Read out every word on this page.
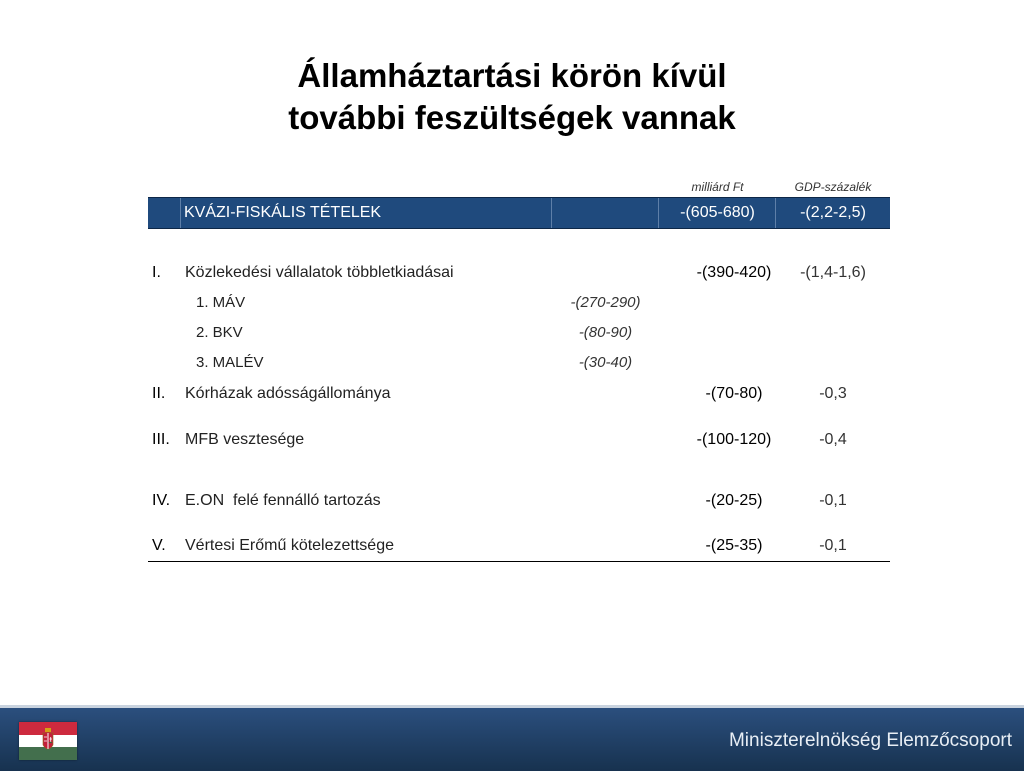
Államháztartási körön kívül
további feszültségek vannak
milliárd Ft	GDP-százalék
KVÁZI-FISKÁLIS TÉTELEK	-(605-680)	-(2,2-2,5)
I. Közlekedési vállalatok többletkiadásai	-(390-420)	-(1,4-1,6)
1. MÁV	-(270-290)
2. BKV	-(80-90)
3. MALÉV	-(30-40)
II. Kórházak adósságállománya	-(70-80)	-0,3
III. MFB vesztesége	-(100-120)	-0,4
IV. E.ON  felé fennálló tartozás	-(20-25)	-0,1
V. Vértesi Erőmű kötelezettsége	-(25-35)	-0,1
Miniszterelnökség Elemzőcsoport
